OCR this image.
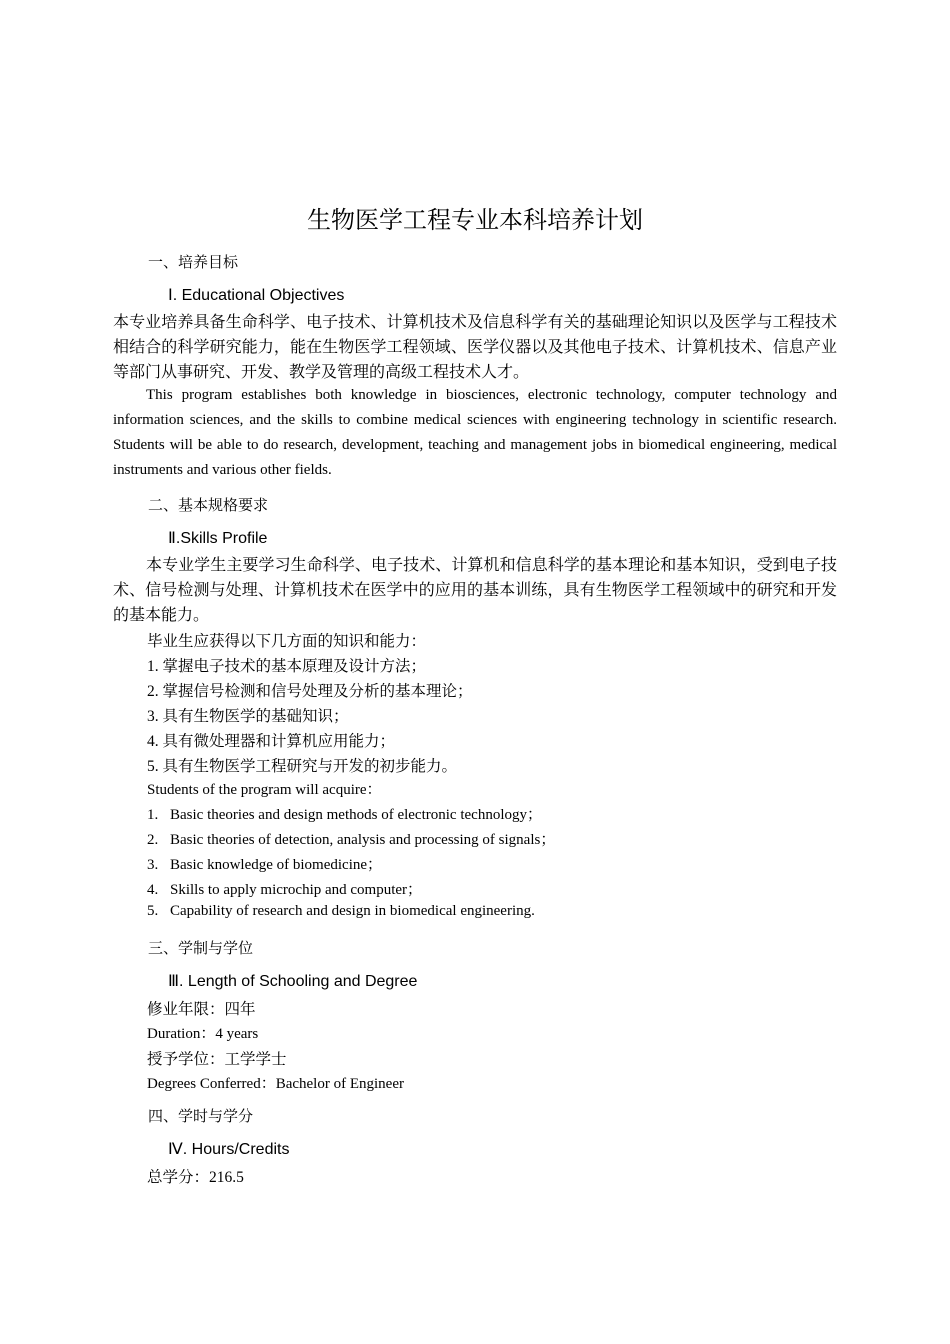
生物医学工程专业本科培养计划
一、培养目标
Ⅰ. Educational Objectives
本专业培养具备生命科学、电子技术、计算机技术及信息科学有关的基础理论知识以及医学与工程技术相结合的科学研究能力，能在生物医学工程领域、医学仪器以及其他电子技术、计算机技术、信息产业等部门从事研究、开发、教学及管理的高级工程技术人才。
This program establishes both knowledge in biosciences, electronic technology, computer technology and information sciences, and the skills to combine medical sciences with engineering technology in scientific research. Students will be able to do research, development, teaching and management jobs in biomedical engineering, medical instruments and various other fields.
二、基本规格要求
Ⅱ.Skills Profile
本专业学生主要学习生命科学、电子技术、计算机和信息科学的基本理论和基本知识，受到电子技术、信号检测与处理、计算机技术在医学中的应用的基本训练，具有生物医学工程领域中的研究和开发的基本能力。
毕业生应获得以下几方面的知识和能力：
1. 掌握电子技术的基本原理及设计方法；
2. 掌握信号检测和信号处理及分析的基本理论；
3. 具有生物医学的基础知识；
4. 具有微处理器和计算机应用能力；
5. 具有生物医学工程研究与开发的初步能力。
Students of the program will acquire：
1. Basic theories and design methods of electronic technology；
2. Basic theories of detection, analysis and processing of signals；
3. Basic knowledge of biomedicine；
4. Skills to apply microchip and computer；
5. Capability of research and design in biomedical engineering.
三、学制与学位
Ⅲ. Length of Schooling and Degree
修业年限：四年
Duration：4 years
授予学位：工学学士
Degrees Conferred：Bachelor of Engineer
四、学时与学分
Ⅳ. Hours/Credits
总学分：216.5
